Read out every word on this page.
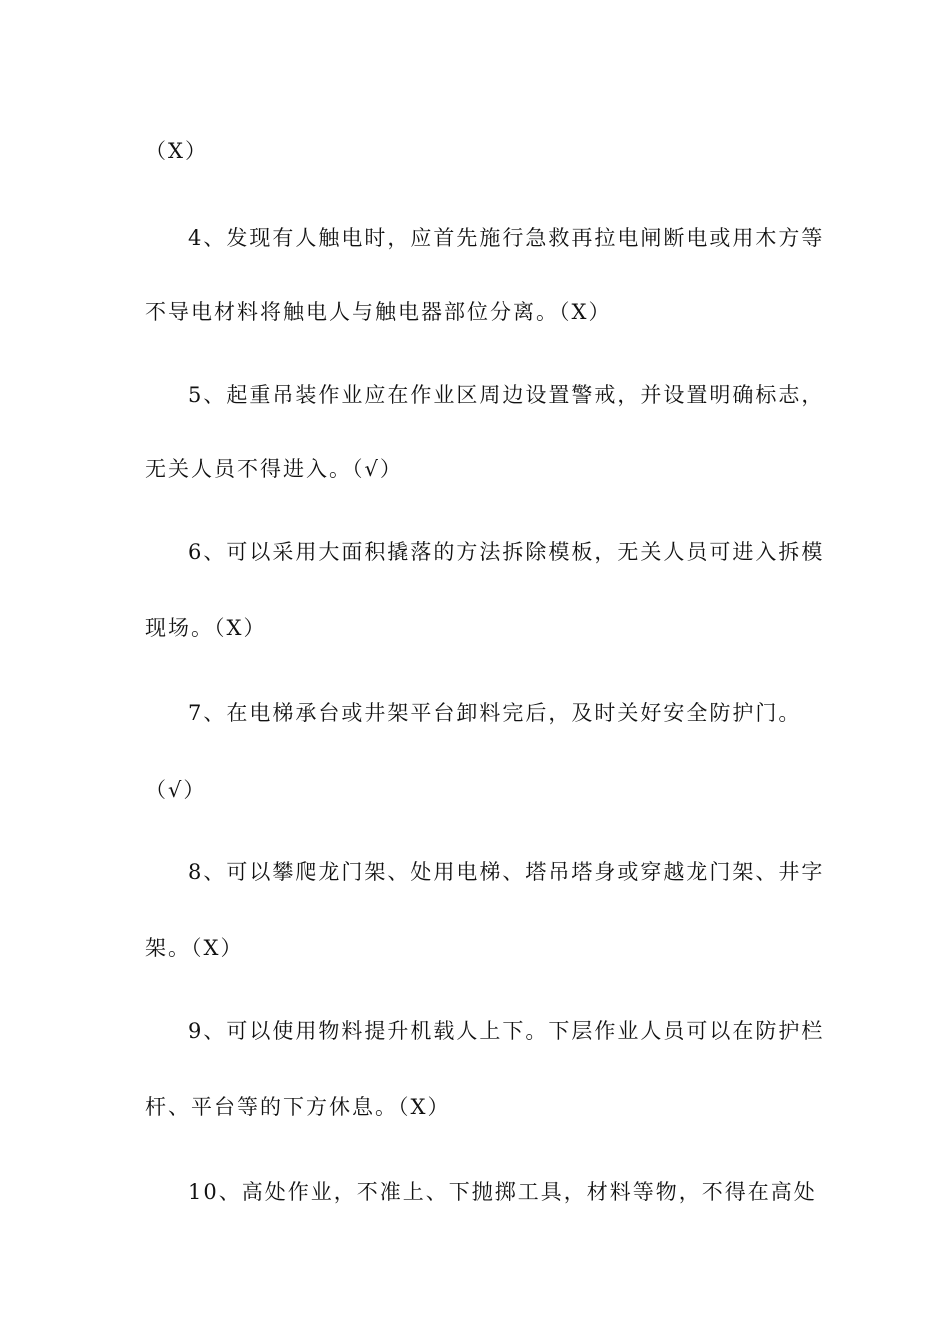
（X）
4、发现有人触电时，应首先施行急救再拉电闸断电或用木方等
不导电材料将触电人与触电器部位分离。（X）
5、起重吊装作业应在作业区周边设置警戒，并设置明确标志，
无关人员不得进入。（√）
6、可以采用大面积撬落的方法拆除模板，无关人员可进入拆模
现场。（X）
7、在电梯承台或井架平台卸料完后，及时关好安全防护门。
（√）
8、可以攀爬龙门架、处用电梯、塔吊塔身或穿越龙门架、井字
架。（X）
9、可以使用物料提升机载人上下。下层作业人员可以在防护栏
杆、平台等的下方休息。（X）
10、高处作业，不准上、下抛掷工具，材料等物，不得在高处
